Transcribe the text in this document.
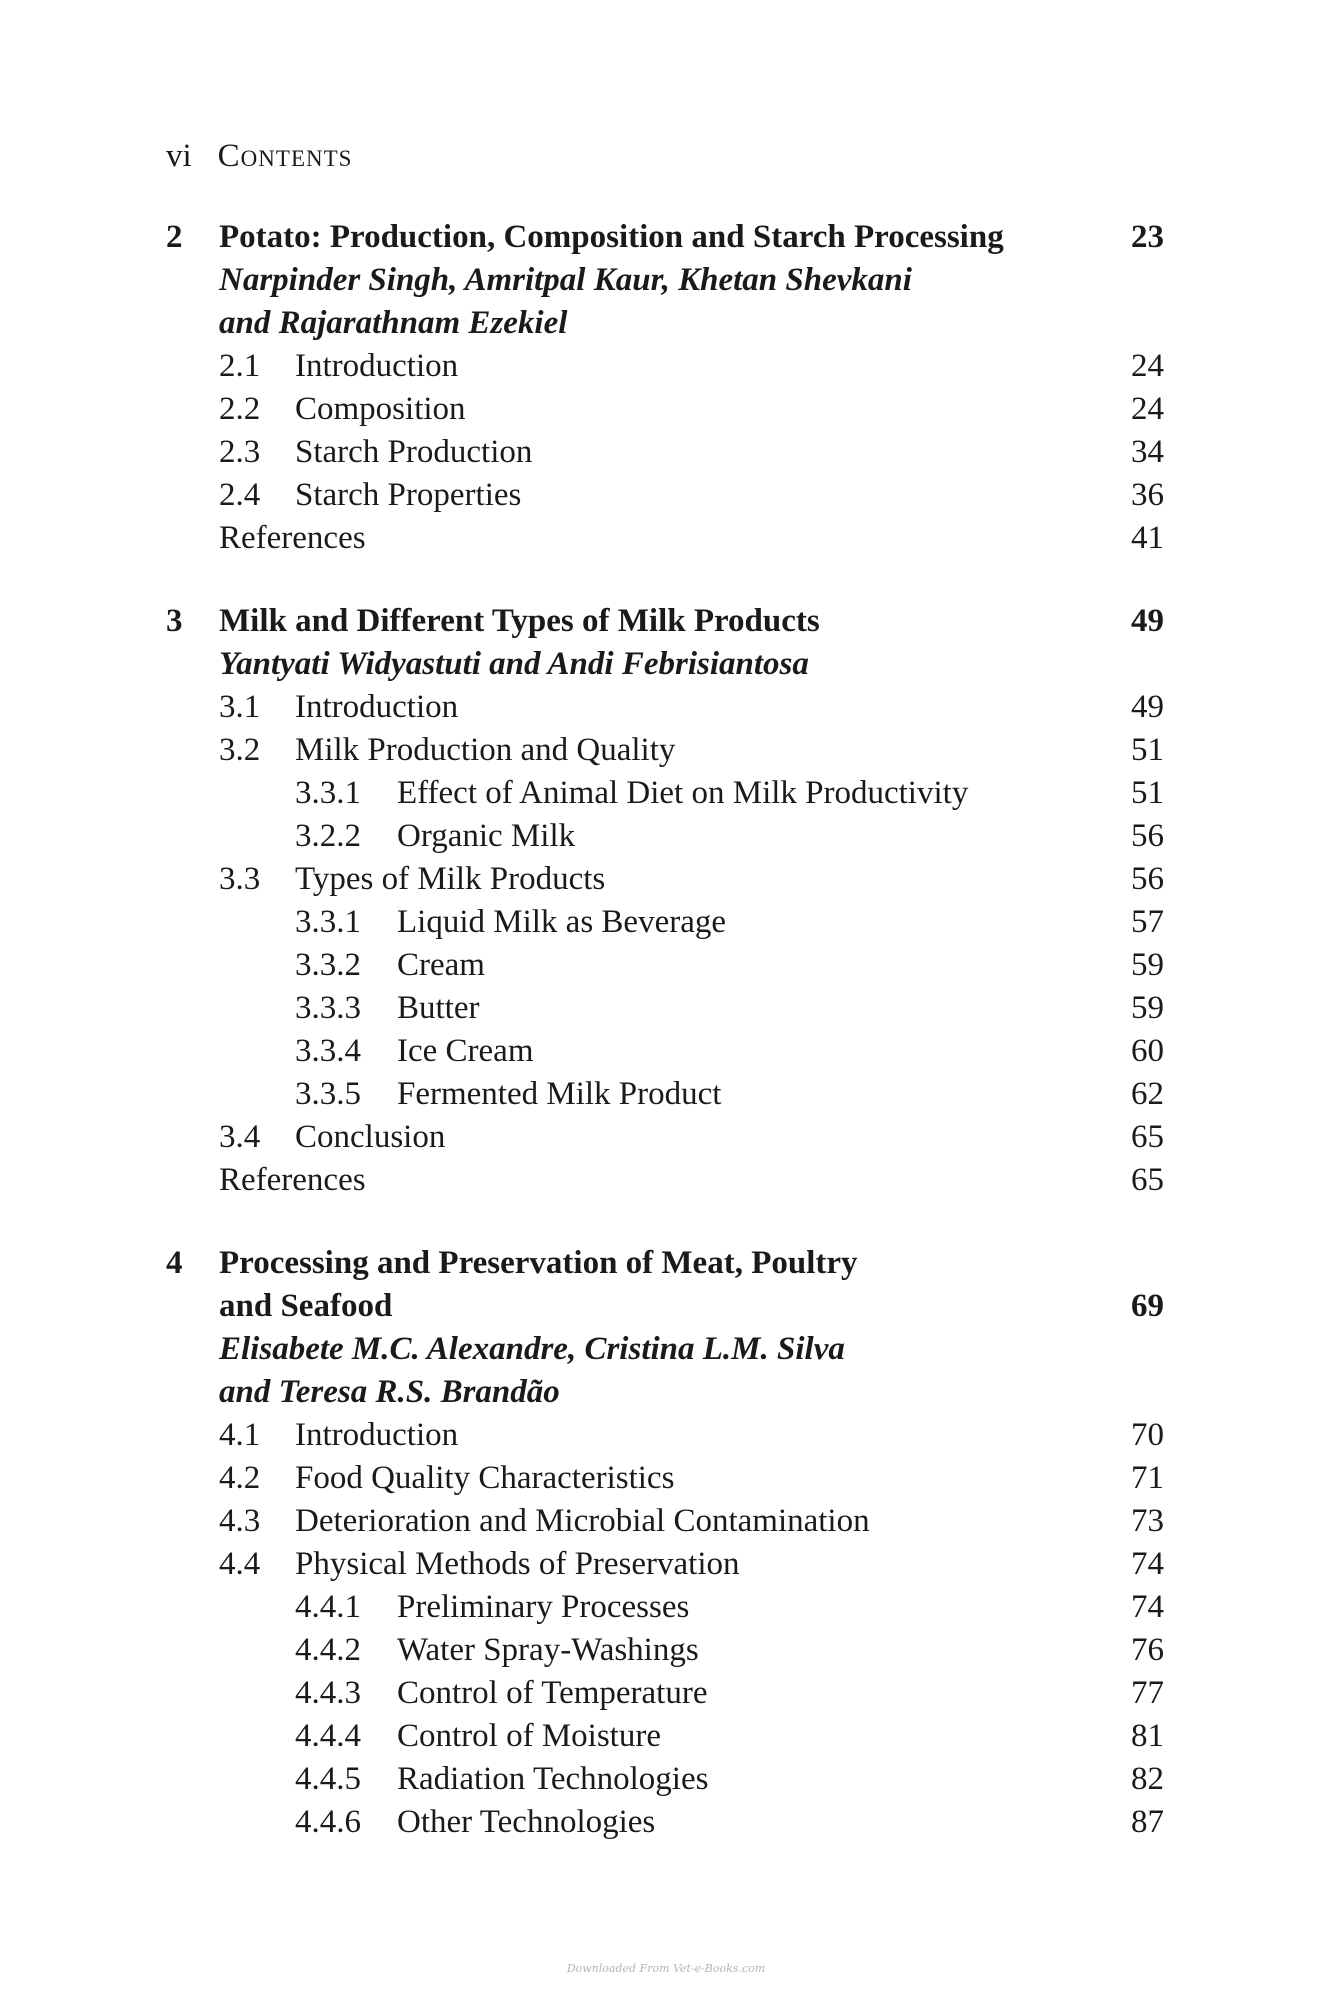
vi Contents
2 Potato: Production, Composition and Starch Processing	23
Narpinder Singh, Amritpal Kaur, Khetan Shevkani
and Rajarathnam Ezekiel
2.1 Introduction	24
2.2 Composition	24
2.3 Starch Production	34
2.4 Starch Properties	36
References	41
3 Milk and Different Types of Milk Products	49
Yantyati Widyastuti and Andi Febrisiantosa
3.1 Introduction	49
3.2 Milk Production and Quality	51
3.3.1 Effect of Animal Diet on Milk Productivity	51
3.2.2 Organic Milk	56
3.3 Types of Milk Products	56
3.3.1 Liquid Milk as Beverage	57
3.3.2 Cream	59
3.3.3 Butter	59
3.3.4 Ice Cream	60
3.3.5 Fermented Milk Product	62
3.4 Conclusion	65
References	65
4 Processing and Preservation of Meat, Poultry
and Seafood	69
Elisabete M.C. Alexandre, Cristina L.M. Silva
and Teresa R.S. Brandão
4.1 Introduction	70
4.2 Food Quality Characteristics	71
4.3 Deterioration and Microbial Contamination	73
4.4 Physical Methods of Preservation	74
4.4.1 Preliminary Processes	74
4.4.2 Water Spray-Washings	76
4.4.3 Control of Temperature	77
4.4.4 Control of Moisture	81
4.4.5 Radiation Technologies	82
4.4.6 Other Technologies	87
Downloaded From Vet-e-Books.com
